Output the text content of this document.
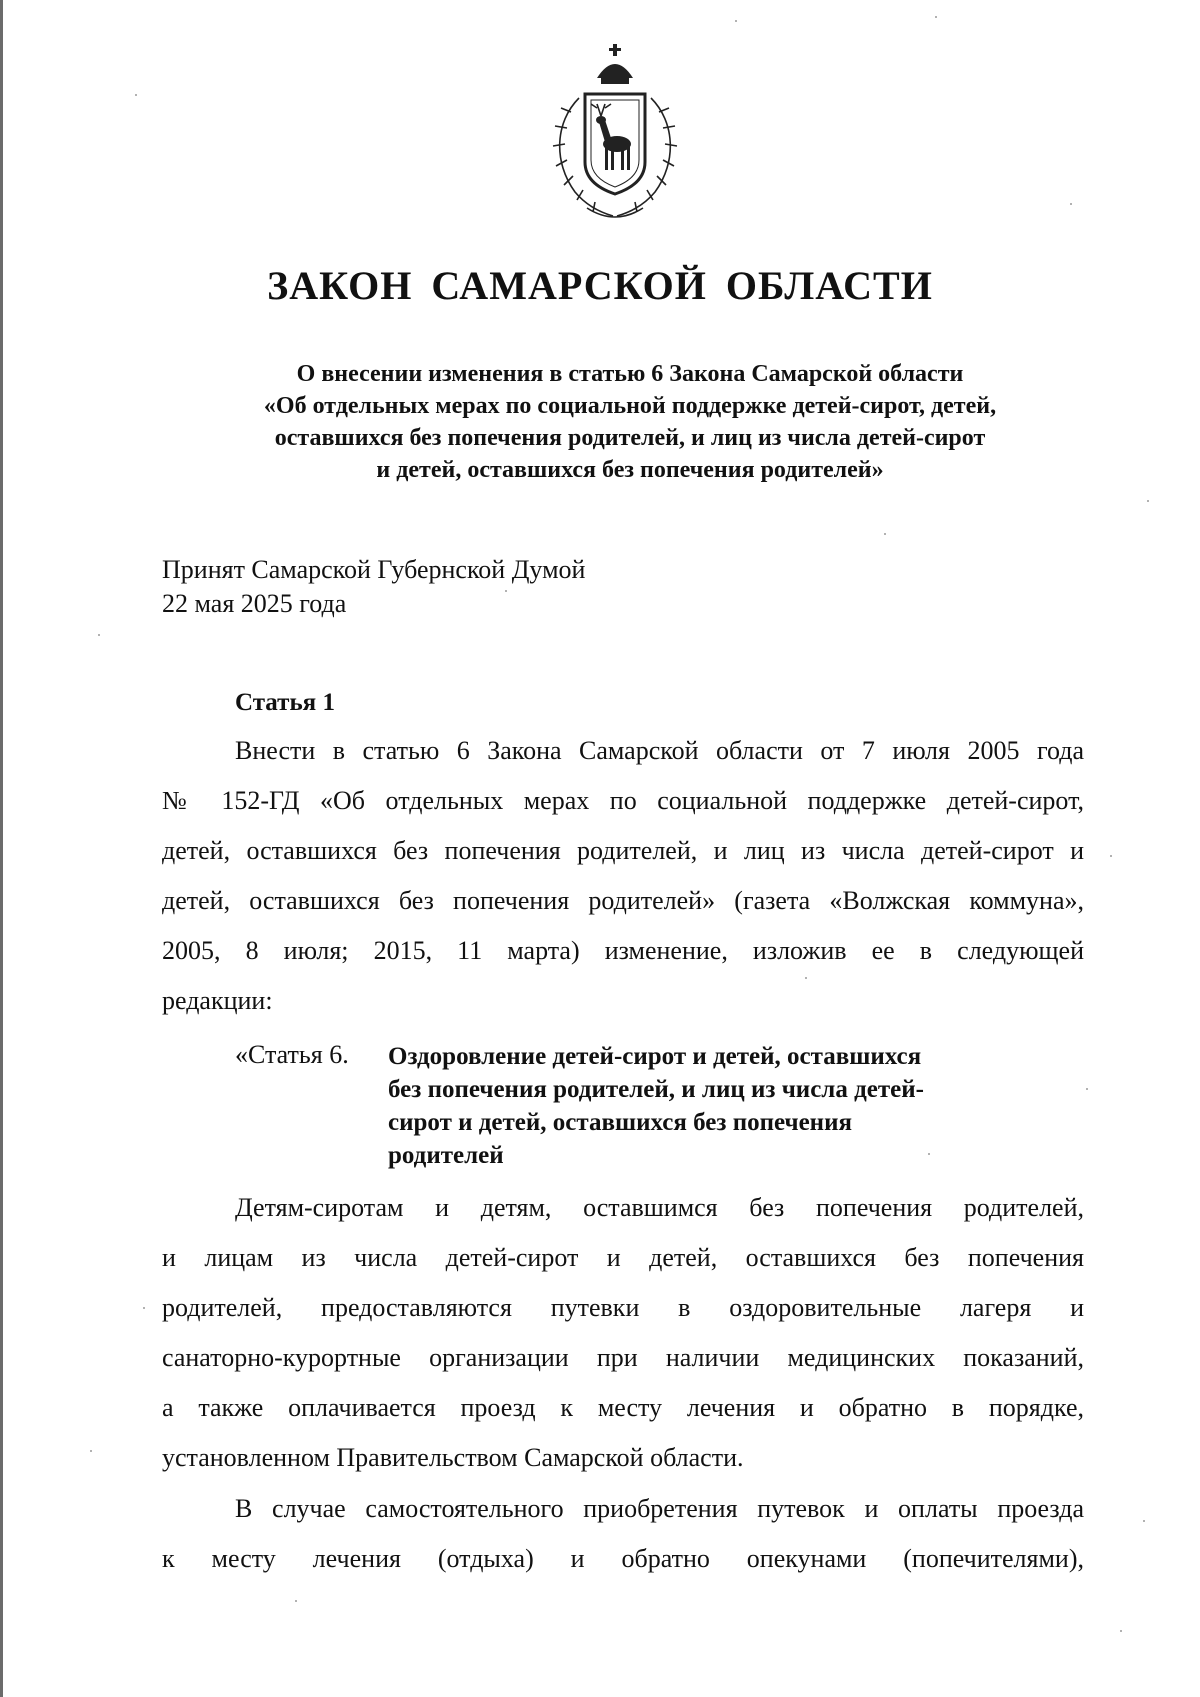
ЗАКОН САМАРСКОЙ ОБЛАСТИ
О внесении изменения в статью 6 Закона Самарской области
«Об отдельных мерах по социальной поддержке детей-сирот, детей,
оставшихся без попечения родителей, и лиц из числа детей-сирот
и детей, оставшихся без попечения родителей»
Принят Самарской Губернской Думой
22 мая 2025 года
Статья 1
Внести в статью 6 Закона Самарской области от 7 июля 2005 года
№ 152-ГД «Об отдельных мерах по социальной поддержке детей-сирот,
детей, оставшихся без попечения родителей, и лиц из числа детей-сирот и
детей, оставшихся без попечения родителей» (газета «Волжская коммуна»,
2005, 8 июля; 2015, 11 марта) изменение, изложив ее в следующей
редакции:
«Статья 6. Оздоровление детей-сирот и детей, оставшихся
без попечения родителей, и лиц из числа детей-
сирот и детей, оставшихся без попечения
родителей
Детям-сиротам и детям, оставшимся без попечения родителей,
и лицам из числа детей-сирот и детей, оставшихся без попечения
родителей, предоставляются путевки в оздоровительные лагеря и
санаторно-курортные организации при наличии медицинских показаний,
а также оплачивается проезд к месту лечения и обратно в порядке,
установленном Правительством Самарской области.
В случае самостоятельного приобретения путевок и оплаты проезда
к месту лечения (отдыха) и обратно опекунами (попечителями),
